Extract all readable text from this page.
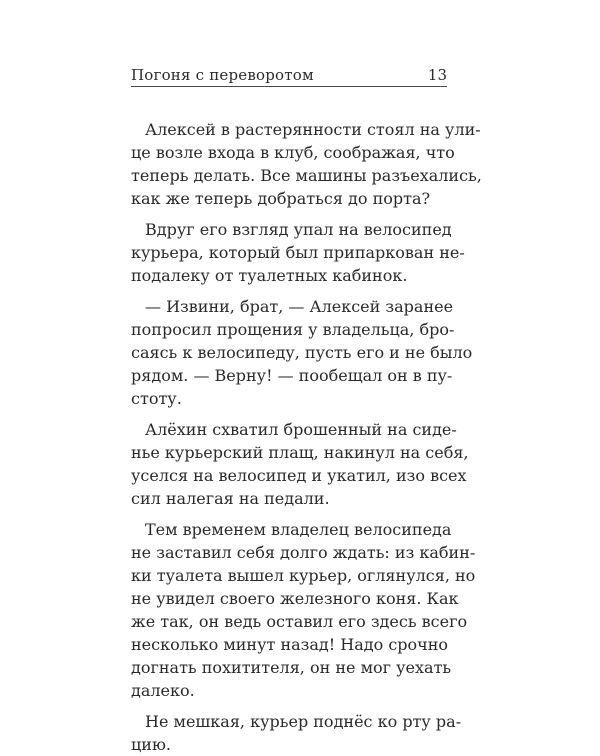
Погоня с переворотом	13
Алексей в растерянности стоял на ули-
це возле входа в клуб, соображая, что
теперь делать. Все машины разъехались,
как же теперь добраться до порта?
Вдруг его взгляд упал на велосипед
курьера, который был припаркован не-
подалеку от туалетных кабинок.
— Извини, брат, — Алексей заранее
попросил прощения у владельца, бро-
саясь к велосипеду, пусть его и не было
рядом. — Верну! — пообещал он в пу-
стоту.
Алёхин схватил брошенный на сиде-
нье курьерский плащ, накинул на себя,
уселся на велосипед и укатил, изо всех
сил налегая на педали.
Тем временем владелец велосипеда
не заставил себя долго ждать: из кабин-
ки туалета вышел курьер, оглянулся, но
не увидел своего железного коня. Как
же так, он ведь оставил его здесь всего
несколько минут назад! Надо срочно
догнать похитителя, он не мог уехать
далеко.
Не мешкая, курьер поднёс ко рту ра-
цию.
